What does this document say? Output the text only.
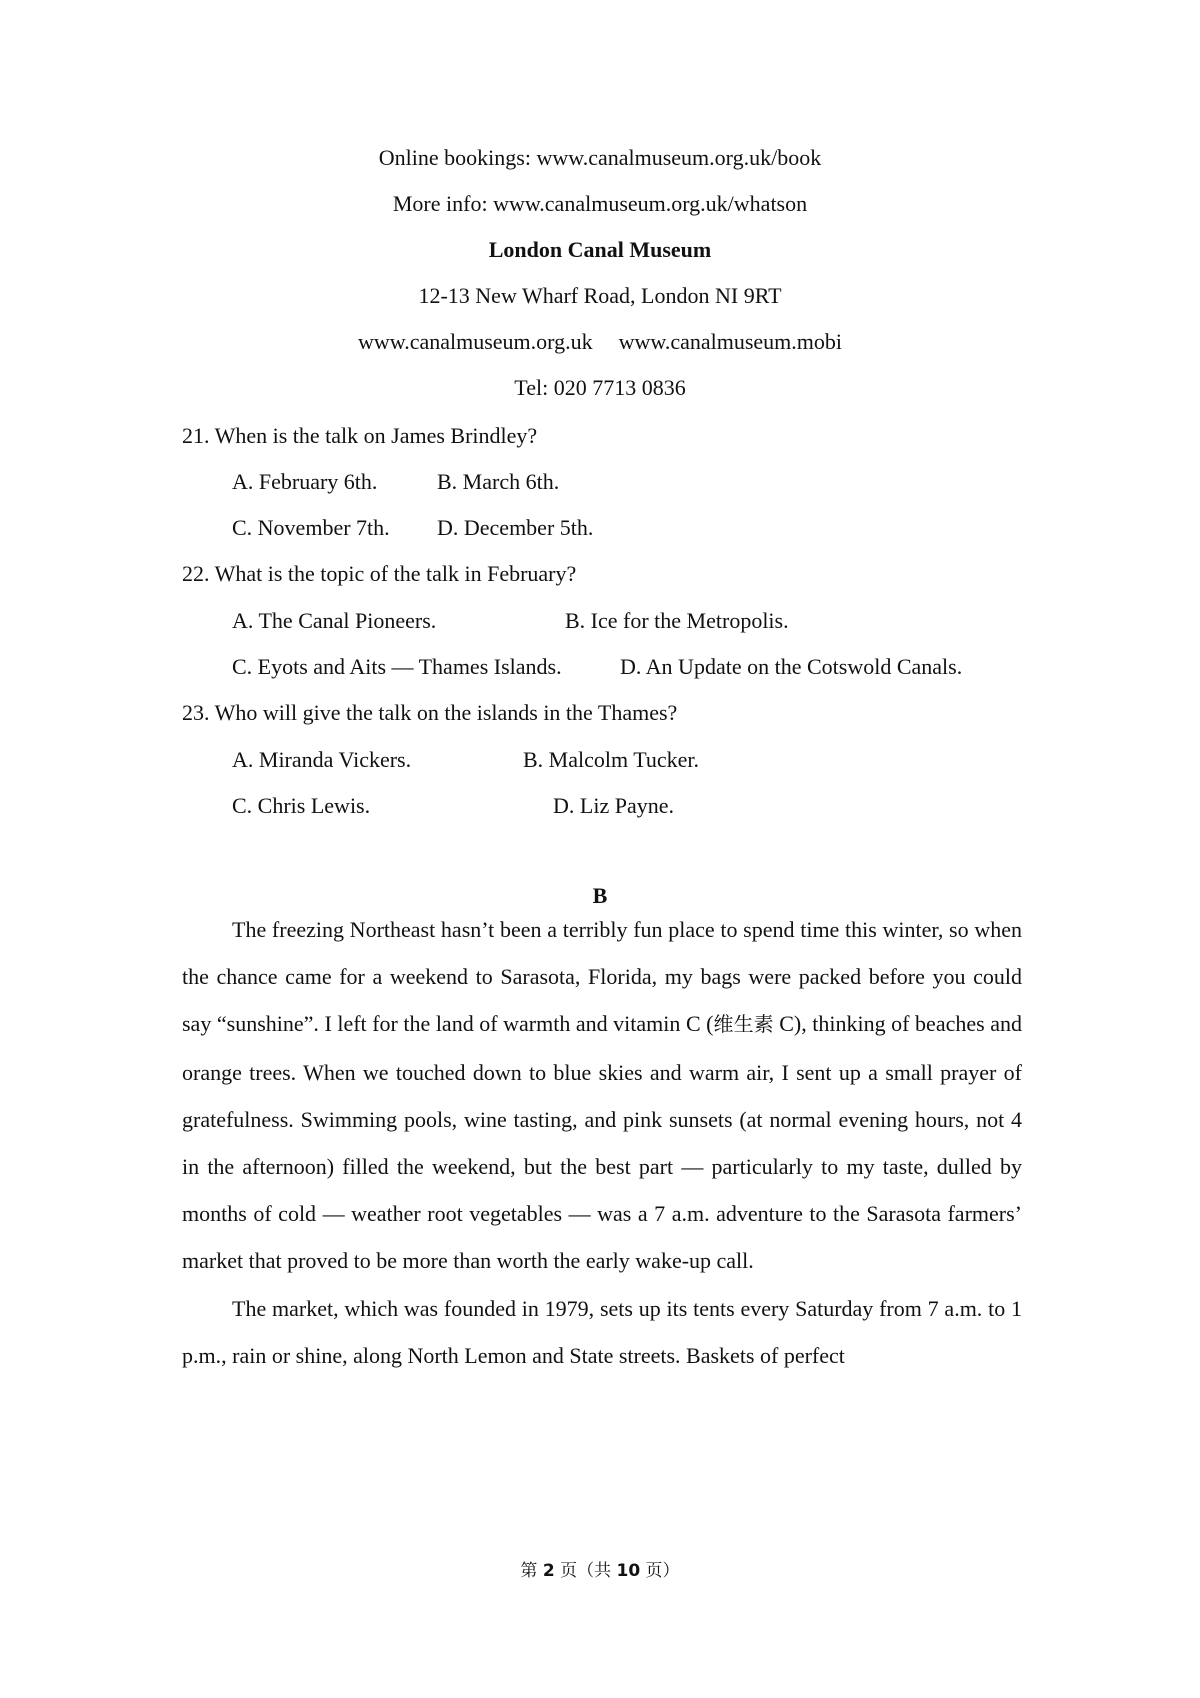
Online bookings: www.canalmuseum.org.uk/book
More info: www.canalmuseum.org.uk/whatson
London Canal Museum
12-13 New Wharf Road, London NI 9RT
www.canalmuseum.org.uk www.canalmuseum.mobi
Tel: 020 7713 0836
21. When is the talk on James Brindley?
A. February 6th.	B. March 6th.
C. November 7th. D. December 5th.
22. What is the topic of the talk in February?
A. The Canal Pioneers.	B. Ice for the Metropolis.
C. Eyots and Aits — Thames Islands.	D. An Update on the Cotswold Canals.
23. Who will give the talk on the islands in the Thames?
A. Miranda Vickers.	B. Malcolm Tucker.
C. Chris Lewis.	D. Liz Payne.
B

The freezing Northeast hasn’t been a terribly fun place to spend time this winter, so when the chance came for a weekend to Sarasota, Florida, my bags were packed before you could say “sunshine”. I left for the land of warmth and vitamin C (维生素 C), thinking of beaches and orange trees. When we touched down to blue skies and warm air, I sent up a small prayer of gratefulness. Swimming pools, wine tasting, and pink sunsets (at normal evening hours, not 4 in the afternoon) filled the weekend, but the best part — particularly to my taste, dulled by months of cold — weather root vegetables — was a 7 a.m. adventure to the Sarasota farmers’ market that proved to be more than worth the early wake-up call.

The market, which was founded in 1979, sets up its tents every Saturday from 7 a.m. to 1 p.m., rain or shine, along North Lemon and State streets. Baskets of perfect

第 2 页（共 10 页）
